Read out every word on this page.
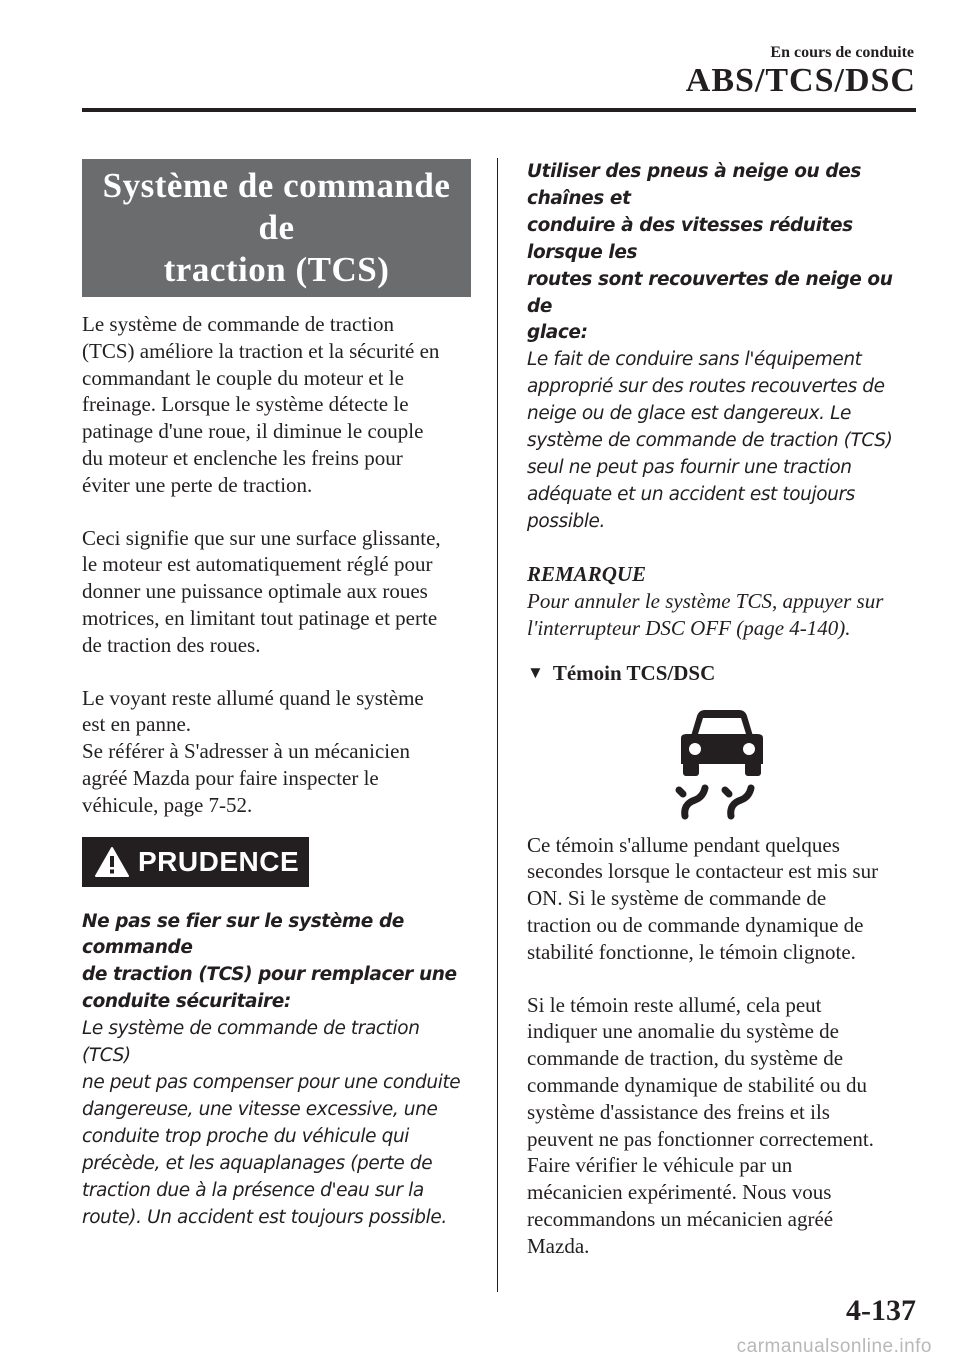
En cours de conduite
ABS/TCS/DSC
Système de commande de
traction (TCS)
Le système de commande de traction
(TCS) améliore la traction et la sécurité en
commandant le couple du moteur et le
freinage. Lorsque le système détecte le
patinage d'une roue, il diminue le couple
du moteur et enclenche les freins pour
éviter une perte de traction.
Ceci signifie que sur une surface glissante,
le moteur est automatiquement réglé pour
donner une puissance optimale aux roues
motrices, en limitant tout patinage et perte
de traction des roues.
Le voyant reste allumé quand le système
est en panne.
Se référer à S'adresser à un mécanicien
agréé Mazda pour faire inspecter le
véhicule, page 7-52.
PRUDENCE
Ne pas se fier sur le système de commande
de traction (TCS) pour remplacer une
conduite sécuritaire:
Le système de commande de traction (TCS)
ne peut pas compenser pour une conduite
dangereuse, une vitesse excessive, une
conduite trop proche du véhicule qui
précède, et les aquaplanages (perte de
traction due à la présence d'eau sur la
route). Un accident est toujours possible.
Utiliser des pneus à neige ou des chaînes et
conduire à des vitesses réduites lorsque les
routes sont recouvertes de neige ou de
glace:
Le fait de conduire sans l'équipement
approprié sur des routes recouvertes de
neige ou de glace est dangereux. Le
système de commande de traction (TCS)
seul ne peut pas fournir une traction
adéquate et un accident est toujours
possible.
REMARQUE
Pour annuler le système TCS, appuyer sur
l'interrupteur DSC OFF (page 4-140).
▼ Témoin TCS/DSC
Ce témoin s'allume pendant quelques
secondes lorsque le contacteur est mis sur
ON. Si le système de commande de
traction ou de commande dynamique de
stabilité fonctionne, le témoin clignote.
Si le témoin reste allumé, cela peut
indiquer une anomalie du système de
commande de traction, du système de
commande dynamique de stabilité ou du
système d'assistance des freins et ils
peuvent ne pas fonctionner correctement.
Faire vérifier le véhicule par un
mécanicien expérimenté. Nous vous
recommandons un mécanicien agréé
Mazda.
4-137
carmanualsonline.info
